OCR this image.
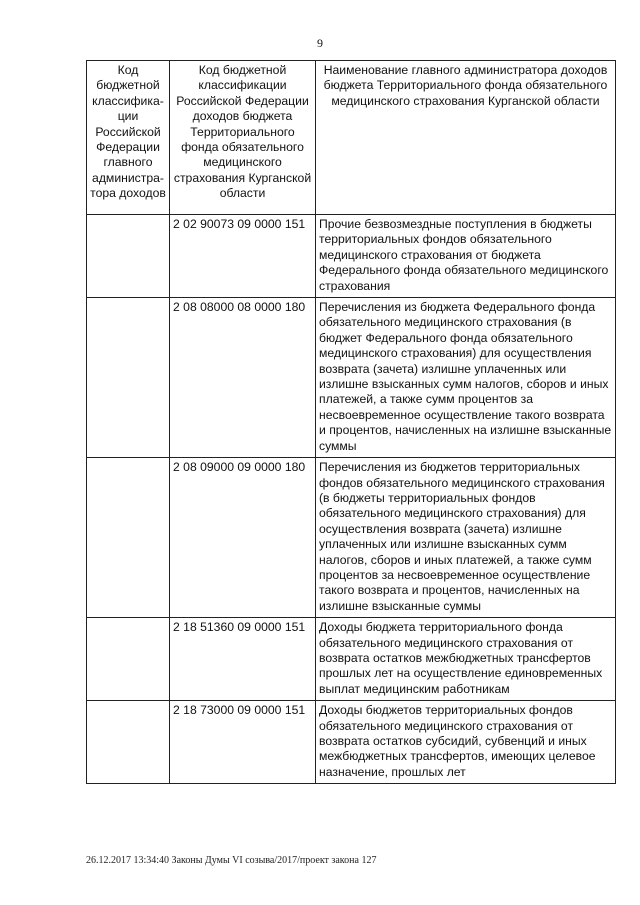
9
Код бюджетной классифика-ции Российской Федерации главного администра-тора доходов	Код бюджетной классификации Российской Федерации доходов бюджета Территориального фонда обязательного медицинского страхования Курганской области	Наименование главного администратора доходов бюджета Территориального фонда обязательного медицинского страхования Курганской области
	2 02 90073 09 0000 151	Прочие безвозмездные поступления в бюджеты территориальных фондов обязательного медицинского страхования от бюджета Федерального фонда обязательного медицинского страхования
	2 08 08000 08 0000 180	Перечисления из бюджета Федерального фонда обязательного медицинского страхования (в бюджет Федерального фонда обязательного медицинского страхования) для осуществления возврата (зачета) излишне уплаченных или излишне взысканных сумм налогов, сборов и иных платежей, а также сумм процентов за несвоевременное осуществление такого возврата и процентов, начисленных на излишне взысканные суммы
	2 08 09000 09 0000 180	Перечисления из бюджетов территориальных фондов обязательного медицинского страхования (в бюджеты территориальных фондов обязательного медицинского страхования) для осуществления возврата (зачета) излишне уплаченных или излишне взысканных сумм налогов, сборов и иных платежей, а также сумм процентов за несвоевременное осуществление такого возврата и процентов, начисленных на излишне взысканные суммы
	2 18 51360 09 0000 151	Доходы бюджета территориального фонда обязательного медицинского страхования от возврата остатков межбюджетных трансфертов прошлых лет на осуществление единовременных выплат медицинским работникам
	2 18 73000 09 0000 151	Доходы бюджетов территориальных фондов обязательного медицинского страхования от возврата остатков субсидий, субвенций и иных межбюджетных трансфертов, имеющих целевое назначение, прошлых лет
26.12.2017 13:34:40 Законы Думы VI созыва/2017/проект закона 127
